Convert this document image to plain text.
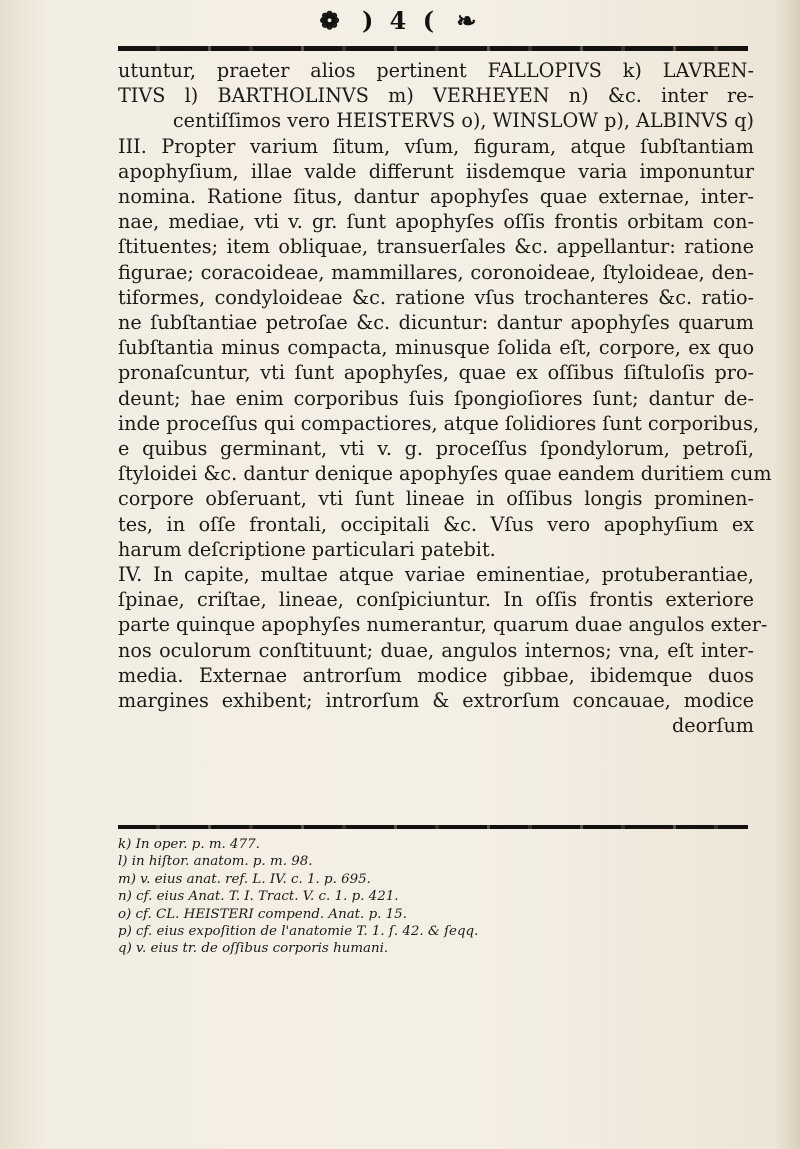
❁ ) 4 ( ❧
utuntur, praeter alios pertinent FALLOPIVS k) LAVREN-
TIVS l) BARTHOLINVS m) VERHEYEN n) &c. inter re-
centiſſimos vero HEISTERVS o), WINSLOW p), ALBINVS q)
III. Propter varium ſitum, vſum, figuram, atque ſubſtantiam
apophyſium, illae valde differunt iisdemque varia imponuntur
nomina. Ratione ſitus, dantur apophyſes quae externae, inter-
nae, mediae, vti v. gr. ſunt apophyſes oſſis frontis orbitam con-
ſtituentes; item obliquae, transuerſales &c. appellantur: ratione
figurae; coracoideae, mammillares, coronoideae, ſtyloideae, den-
tiformes, condyloideae &c. ratione vſus trochanteres &c. ratio-
ne ſubſtantiae petroſae &c. dicuntur: dantur apophyſes quarum
ſubſtantia minus compacta, minusque ſolida eſt, corpore, ex quo
pronaſcuntur, vti ſunt apophyſes, quae ex oſſibus ſiſtuloſis pro-
deunt; hae enim corporibus ſuis ſpongioſiores ſunt; dantur de-
inde proceſſus qui compactiores, atque ſolidiores ſunt corporibus,
e quibus germinant, vti v. g. proceſſus ſpondylorum, petroſi,
ſtyloidei &c. dantur denique apophyſes quae eandem duritiem cum
corpore obſeruant, vti ſunt lineae in oſſibus longis prominen-
tes, in oſſe frontali, occipitali &c. Vſus vero apophyſium ex
harum deſcriptione particulari patebit.
IV. In capite, multae atque variae eminentiae, protuberantiae,
ſpinae, criſtae, lineae, conſpiciuntur. In oſſis frontis exteriore
parte quinque apophyſes numerantur, quarum duae angulos exter-
nos oculorum conſtituunt; duae, angulos internos; vna, eſt inter-
media. Externae antrorſum modice gibbae, ibidemque duos
margines exhibent; introrſum & extrorſum concauae, modice
deorſum
k) In oper. p. m. 477.
l) in hiſtor. anatom. p. m. 98.
m) v. eius anat. ref. L. IV. c. 1. p. 695.
n) cf. eius Anat. T. I. Tract. V. c. 1. p. 421.
o) cf. CL. HEISTERI compend. Anat. p. 15.
p) cf. eius expoſition de l'anatomie T. 1. ſ. 42. & ſeqq.
q) v. eius tr. de oſſibus corporis humani.
